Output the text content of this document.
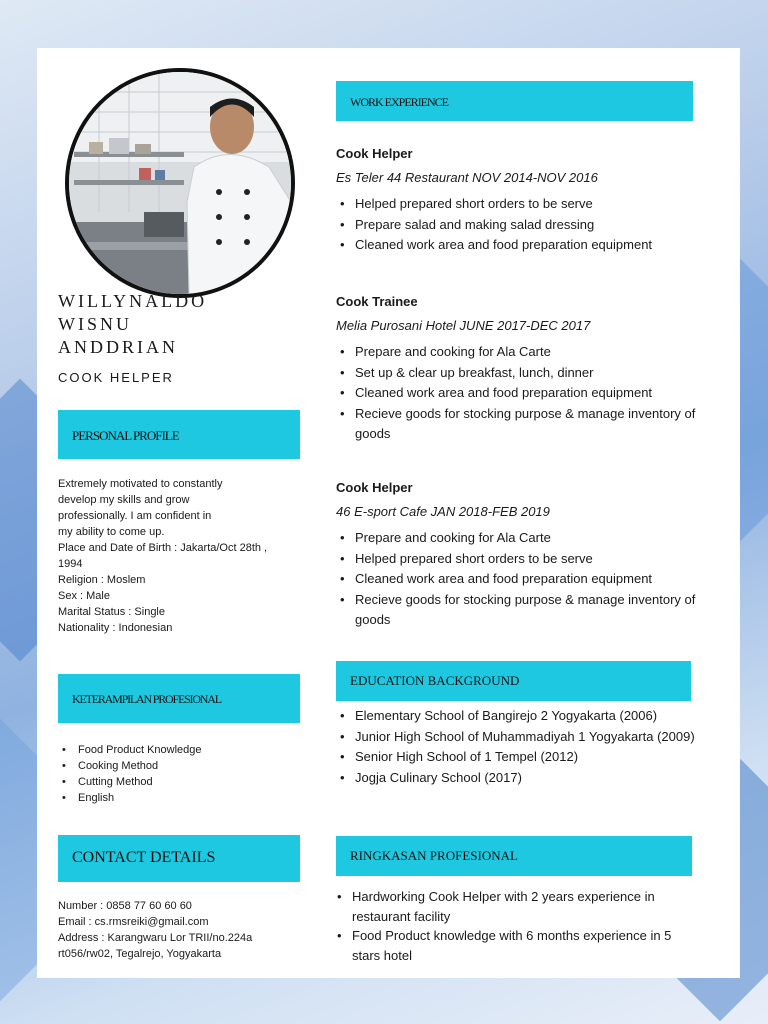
WILLYNALDO
WISNU
ANDDRIAN
COOK HELPER
PERSONAL PROFILE
Extremely motivated to constantly
develop my skills and grow
professionally. I am confident in
my ability to come up.
Place and Date of Birth : Jakarta/Oct 28th ,
1994
Religion : Moslem
Sex : Male
Marital Status : Single
Nationality : Indonesian
KETERAMPILAN PROFESIONAL
• Food Product Knowledge
• Cooking Method
• Cutting Method
• English
CONTACT DETAILS
Number : 0858 77 60 60 60
Email : cs.rmsreiki@gmail.com
Address : Karangwaru Lor TRII/no.224a
rt056/rw02, Tegalrejo, Yogyakarta
WORK EXPERIENCE
Cook Helper
Es Teler 44 Restaurant NOV 2014-NOV 2016
• Helped prepared short orders to be serve
• Prepare salad and making salad dressing
• Cleaned work area and food preparation equipment
Cook Trainee
Melia Purosani Hotel JUNE 2017-DEC 2017
• Prepare and cooking for Ala Carte
• Set up & clear up breakfast, lunch, dinner
• Cleaned work area and food preparation equipment
• Recieve goods for stocking purpose & manage inventory of goods
Cook Helper
46 E-sport Cafe JAN 2018-FEB 2019
• Prepare and cooking for Ala Carte
• Helped prepared short orders to be serve
• Cleaned work area and food preparation equipment
• Recieve goods for stocking purpose & manage inventory of goods
EDUCATION BACKGROUND
• Elementary School of Bangirejo 2 Yogyakarta (2006)
• Junior High School of Muhammadiyah 1 Yogyakarta (2009)
• Senior High School of 1 Tempel (2012)
• Jogja Culinary School (2017)
RINGKASAN PROFESIONAL
• Hardworking Cook Helper with 2 years experience in restaurant facility
• Food Product knowledge with 6 months experience in 5 stars hotel
